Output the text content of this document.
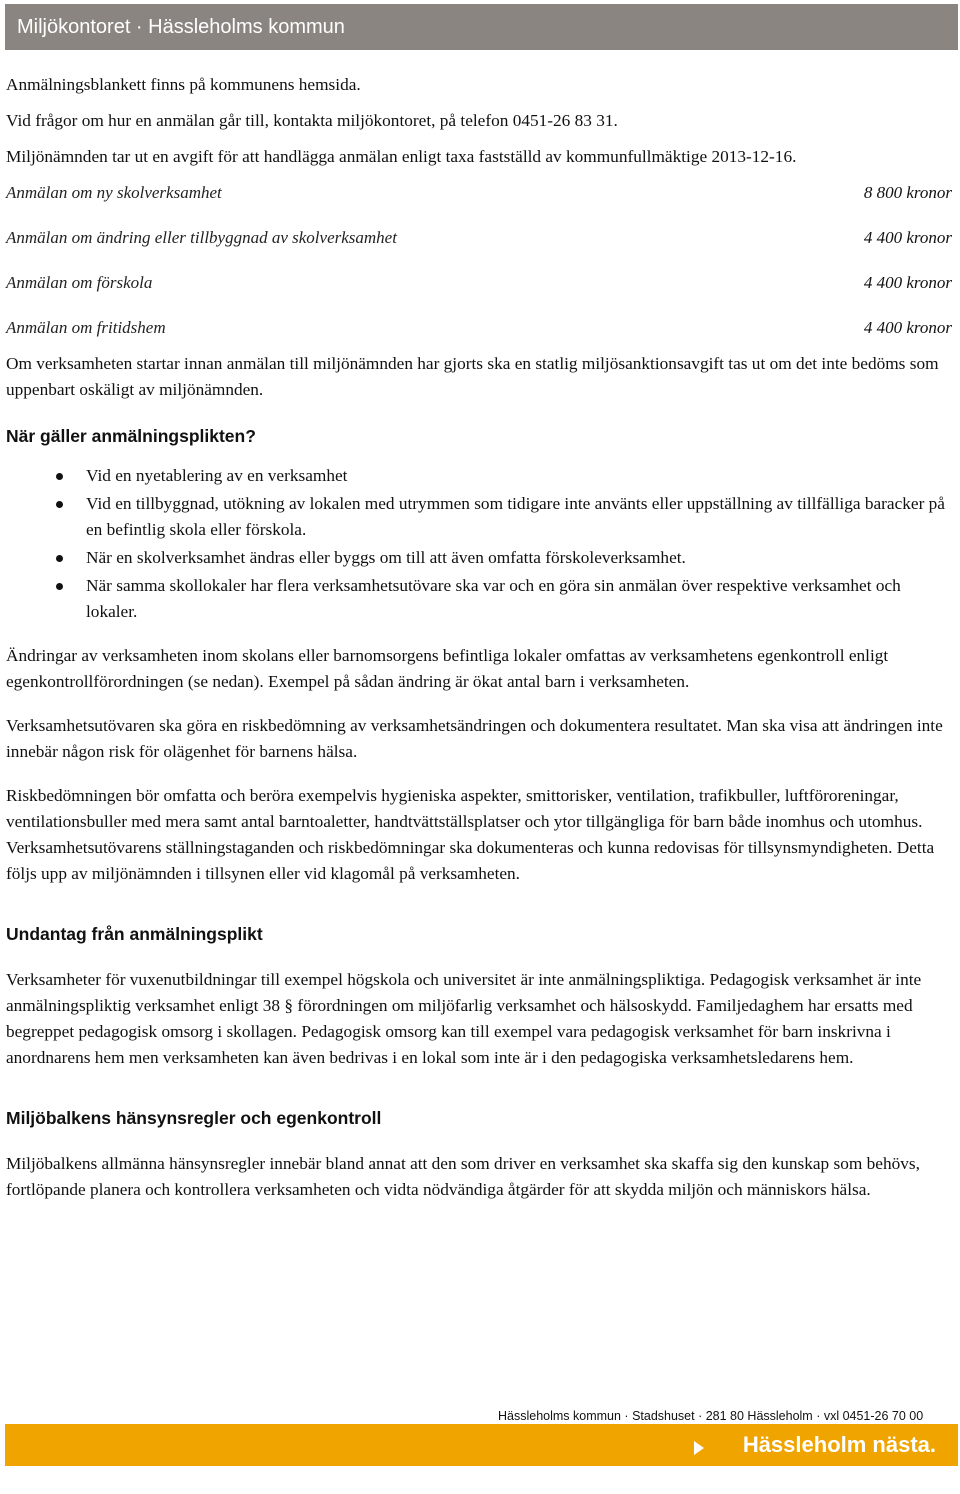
Miljökontoret · Hässleholms kommun

Anmälningsblankett finns på kommunens hemsida.

Vid frågor om hur en anmälan går till, kontakta miljökontoret, på telefon 0451-26 83 31.

Miljönämnden tar ut en avgift för att handlägga anmälan enligt taxa fastställd av kommunfullmäktige 2013-12-16.

Anmälan om ny skolverksamhet	8 800 kronor
Anmälan om ändring eller tillbyggnad av skolverksamhet	4 400 kronor
Anmälan om förskola	4 400 kronor
Anmälan om fritidshem	4 400 kronor

Om verksamheten startar innan anmälan till miljönämnden har gjorts ska en statlig miljösanktionsavgift tas ut om det inte bedöms som uppenbart oskäligt av miljönämnden.

När gäller anmälningsplikten?
Vid en nyetablering av en verksamhet
Vid en tillbyggnad, utökning av lokalen med utrymmen som tidigare inte använts eller uppställning av tillfälliga baracker på en befintlig skola eller förskola.
När en skolverksamhet ändras eller byggs om till att även omfatta förskoleverksamhet.
När samma skollokaler har flera verksamhetsutövare ska var och en göra sin anmälan över respektive verksamhet och lokaler.

Ändringar av verksamheten inom skolans eller barnomsorgens befintliga lokaler omfattas av verksamhetens egenkontroll enligt egenkontrollförordningen (se nedan). Exempel på sådan ändring är ökat antal barn i verksamheten.

Verksamhetsutövaren ska göra en riskbedömning av verksamhetsändringen och dokumentera resultatet. Man ska visa att ändringen inte innebär någon risk för olägenhet för barnens hälsa.

Riskbedömningen bör omfatta och beröra exempelvis hygieniska aspekter, smittorisker, ventilation, trafikbuller, luftföroreningar, ventilationsbuller med mera samt antal barntoaletter, handtvättställsplatser och ytor tillgängliga för barn både inomhus och utomhus. Verksamhetsutövarens ställningstaganden och riskbedömningar ska dokumenteras och kunna redovisas för tillsynsmyndigheten. Detta följs upp av miljönämnden i tillsynen eller vid klagomål på verksamheten.

Undantag från anmälningsplikt

Verksamheter för vuxenutbildningar till exempel högskola och universitet är inte anmälningspliktiga. Pedagogisk verksamhet är inte anmälningspliktig verksamhet enligt 38 § förordningen om miljöfarlig verksamhet och hälsoskydd. Familjedaghem har ersatts med begreppet pedagogisk omsorg i skollagen. Pedagogisk omsorg kan till exempel vara pedagogisk verksamhet för barn inskrivna i anordnarens hem men verksamheten kan även bedrivas i en lokal som inte är i den pedagogiska verksamhetsledarens hem.

Miljöbalkens hänsynsregler och egenkontroll

Miljöbalkens allmänna hänsynsregler innebär bland annat att den som driver en verksamhet ska skaffa sig den kunskap som behövs, fortlöpande planera och kontrollera verksamheten och vidta nödvändiga åtgärder för att skydda miljön och människors hälsa.

Hässleholms kommun · Stadshuset · 281 80 Hässleholm · vxl 0451-26 70 00
Hässleholm nästa.
